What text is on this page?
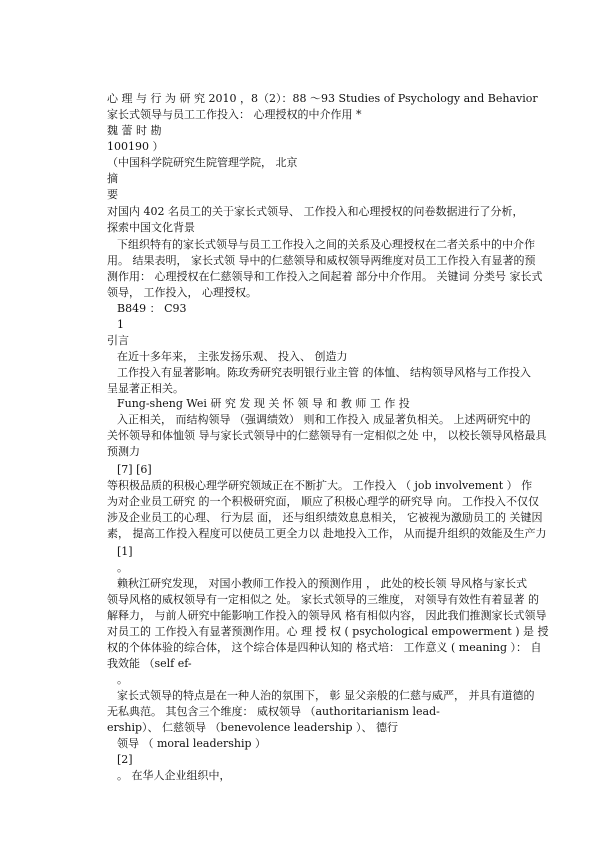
心 理 与 行 为 研 究 2010 ，8（2）：88 ～93 Studies of Psychology and Behavior
家长式领导与员工工作投入： 心理授权的中介作用 *
魏 蕾 时 勘
100190 ）
（中国科学院研究生院管理学院， 北京
摘
要
对国内 402 名员工的关于家长式领导、 工作投入和心理授权的问卷数据进行了分析，
探索中国文化背景
下组织特有的家长式领导与员工工作投入之间的关系及心理授权在二者关系中的中介作
用。 结果表明， 家长式领 导中的仁慈领导和威权领导两维度对员工工作投入有显著的预
测作用： 心理授权在仁慈领导和工作投入之间起着 部分中介作用。 关键词 分类号 家长式
领导， 工作投入， 心理授权。
B849 ： C93
1
引言
在近十多年来， 主张发扬乐观、 投入、 创造力
工作投入有显著影响。陈玫秀研究表明银行业主管 的体恤、 结构领导风格与工作投入
呈显著正相关。
Fung-sheng Wei 研 究 发 现 关 怀 领 导 和 教 师 工 作 投
入正相关， 而结构领导 （强调绩效） 则和工作投入 成显著负相关。 上述两研究中的
关怀领导和体恤领 导与家长式领导中的仁慈领导有一定相似之处 中， 以校长领导风格最具
预测力
[7] [6]
等积极品质的积极心理学研究领域正在不断扩大。 工作投入 （ job involvement ） 作
为对企业员工研究 的一个积极研究面， 顺应了积极心理学的研究导 向。 工作投入不仅仅
涉及企业员工的心理、 行为层 面， 还与组织绩效息息相关， 它被视为激励员工的 关键因
素， 提高工作投入程度可以使员工更全力以 赴地投入工作， 从而提升组织的效能及生产力
[1]
。
赖秋江研究发现， 对国小教师工作投入的预测作用 ， 此处的校长领 导风格与家长式
领导风格的威权领导有一定相似之 处。 家长式领导的三维度， 对领导有效性有着显著 的
解释力， 与前人研究中能影响工作投入的领导风 格有相似内容， 因此我们推测家长式领导
对员工的 工作投入有显著预测作用。心 理 授 权 ( psychological empowerment ) 是 授
权的个体体验的综合体， 这个综合体是四种认知的 格式培： 工作意义 ( meaning ）： 自
我效能 （self ef-
。
家长式领导的特点是在一种人治的氛围下， 彰 显父亲般的仁慈与威严， 并具有道德的
无私典范。 其包含三个维度： 威权领导 （authoritarianism lead-
ership）、 仁慈领导 （benevolence leadership ）、 德行
领导 （ moral leadership ）
[2]
。 在华人企业组织中，
